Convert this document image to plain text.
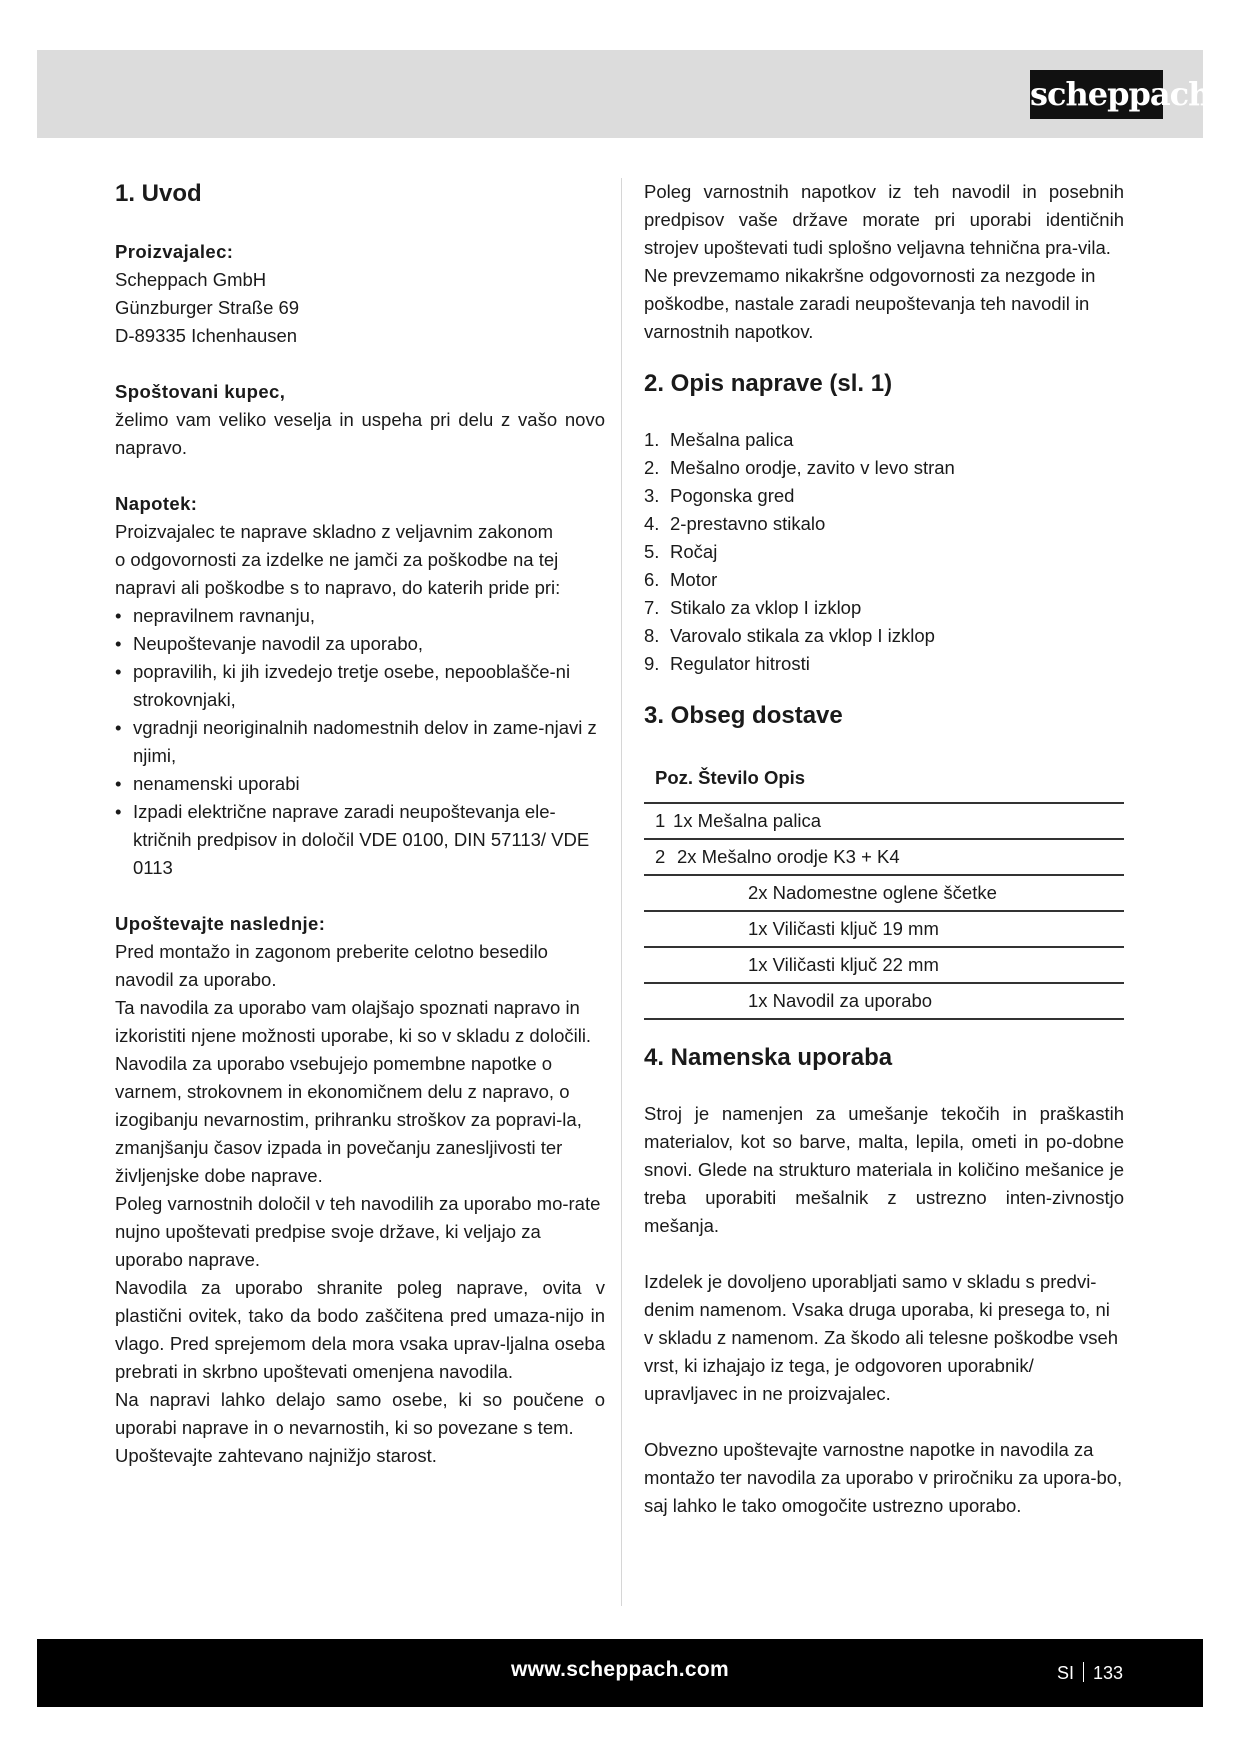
scheppach
1. Uvod

Proizvajalec:

Scheppach GmbH

Günzburger Straße 69

D-89335 Ichenhausen

Spoštovani kupec,

želimo vam veliko veselja in uspeha pri delu z vašo novo napravo.

Napotek:

Proizvajalec te naprave skladno z veljavnim zakonom

o odgovornosti za izdelke ne jamči za poškodbe na tej

napravi ali poškodbe s to napravo, do katerih pride pri:

• nepravilnem ravnanju,
• Neupoštevanje navodil za uporabo,
• popravilih, ki jih izvedejo tretje osebe, nepooblašče-ni strokovnjaki,
• vgradnji neoriginalnih nadomestnih delov in zame-njavi z njimi,
• nenamenski uporabi
• Izpadi električne naprave zaradi neupoštevanja ele-ktričnih predpisov in določil VDE 0100, DIN 57113/ VDE 0113

Upoštevajte naslednje:

Pred montažo in zagonom preberite celotno besedilo navodil za uporabo.

Ta navodila za uporabo vam olajšajo spoznati napravo in izkoristiti njene možnosti uporabe, ki so v skladu z določili.

Navodila za uporabo vsebujejo pomembne napotke o varnem, strokovnem in ekonomičnem delu z napravo, o izogibanju nevarnostim, prihranku stroškov za popravi-la, zmanjšanju časov izpada in povečanju zanesljivosti ter življenjske dobe naprave.

Poleg varnostnih določil v teh navodilih za uporabo mo-rate nujno upoštevati predpise svoje države, ki veljajo za uporabo naprave.

Navodila za uporabo shranite poleg naprave, ovita v plastični ovitek, tako da bodo zaščitena pred umaza-nijo in vlago. Pred sprejemom dela mora vsaka uprav-ljalna oseba prebrati in skrbno upoštevati omenjena navodila.

Na napravi lahko delajo samo osebe, ki so poučene o uporabi naprave in o nevarnostih, ki so povezane s tem.

Upoštevajte zahtevano najnižjo starost.

Poleg varnostnih napotkov iz teh navodil in posebnih predpisov vaše države morate pri uporabi identičnih strojev upoštevati tudi splošno veljavna tehnična pra-vila.

Ne prevzemamo nikakršne odgovornosti za nezgode in poškodbe, nastale zaradi neupoštevanja teh navodil in varnostnih napotkov.

2. Opis naprave (sl. 1)
1. Mešalna palica
2. Mešalno orodje, zavito v levo stran
3. Pogonska gred
4. 2-prestavno stikalo
5. Ročaj
6. Motor
7. Stikalo za vklop I izklop
8. Varovalo stikala za vklop I izklop
9. Regulator hitrosti
3. Obseg dostave
Poz. Število Opis
1 1x Mešalna palica
2 2x Mešalno orodje K3 + K4
2x Nadomestne oglene ščetke
1x Viličasti ključ 19 mm
1x Viličasti ključ 22 mm
1x Navodil za uporabo
4. Namenska uporaba

Stroj je namenjen za umešanje tekočih in praškastih materialov, kot so barve, malta, lepila, ometi in po-dobne snovi. Glede na strukturo materiala in količino mešanice je treba uporabiti mešalnik z ustrezno inten-zivnostjo mešanja.

Izdelek je dovoljeno uporabljati samo v skladu s predvi-denim namenom. Vsaka druga uporaba, ki presega to, ni v skladu z namenom. Za škodo ali telesne poškodbe vseh vrst, ki izhajajo iz tega, je odgovoren uporabnik/ upravljavec in ne proizvajalec.

Obvezno upoštevajte varnostne napotke in navodila za montažo ter navodila za uporabo v priročniku za upora-bo, saj lahko le tako omogočite ustrezno uporabo.

www.scheppach.com	SI 133
